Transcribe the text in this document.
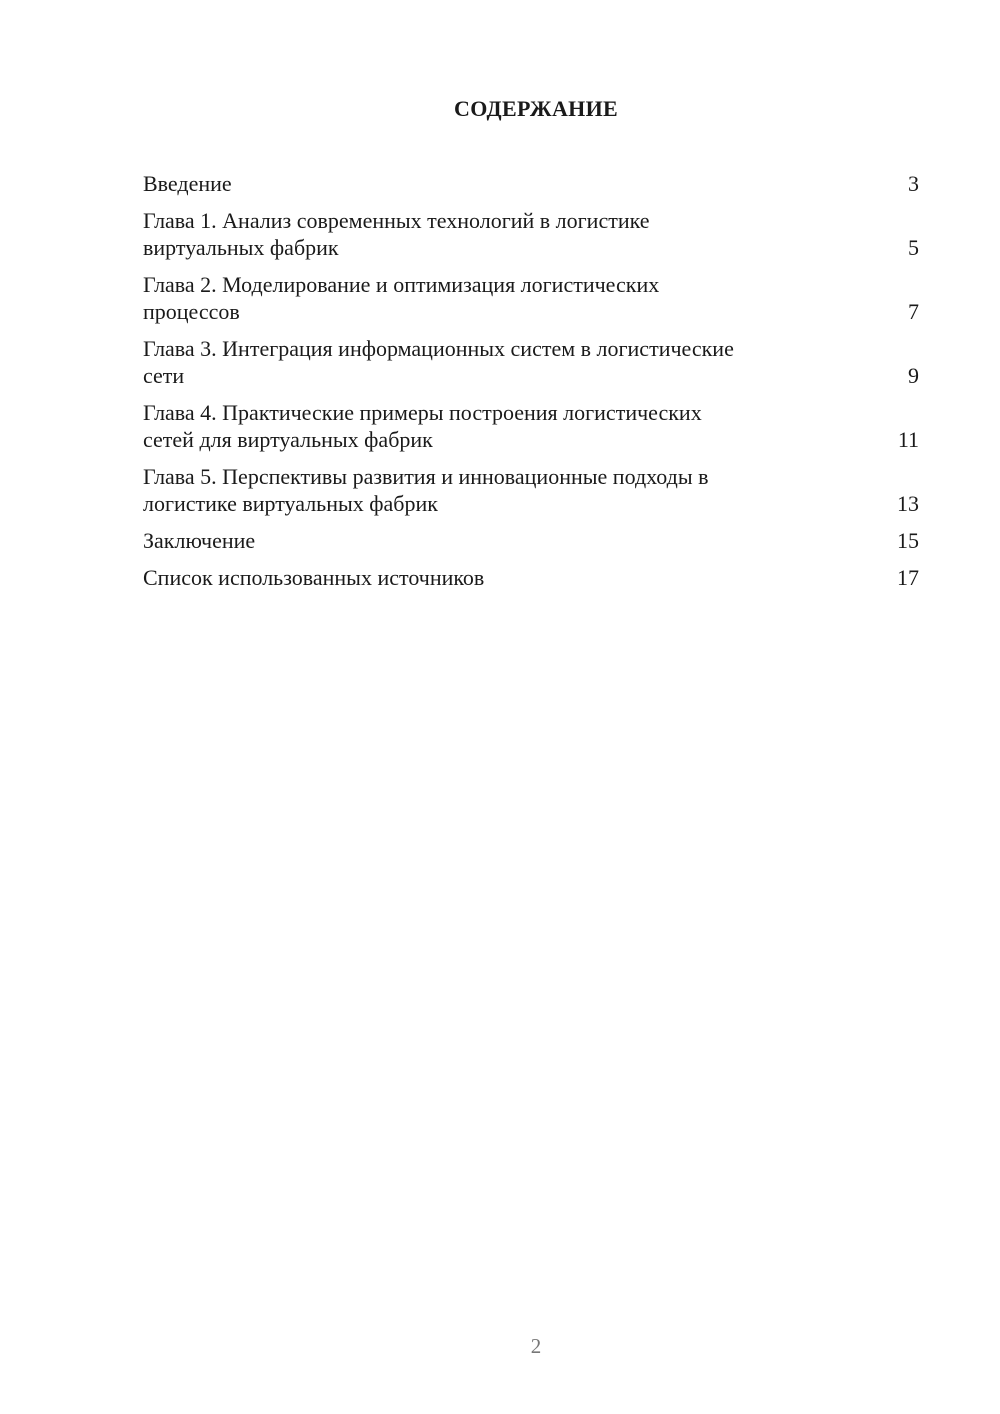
СОДЕРЖАНИЕ
Введение	3
Глава 1. Анализ современных технологий в логистике
виртуальных фабрик	5
Глава 2. Моделирование и оптимизация логистических
процессов	7
Глава 3. Интеграция информационных систем в логистические
сети	9
Глава 4. Практические примеры построения логистических
сетей для виртуальных фабрик	11
Глава 5. Перспективы развития и инновационные подходы в
логистике виртуальных фабрик	13
Заключение	15
Список использованных источников	17
2
